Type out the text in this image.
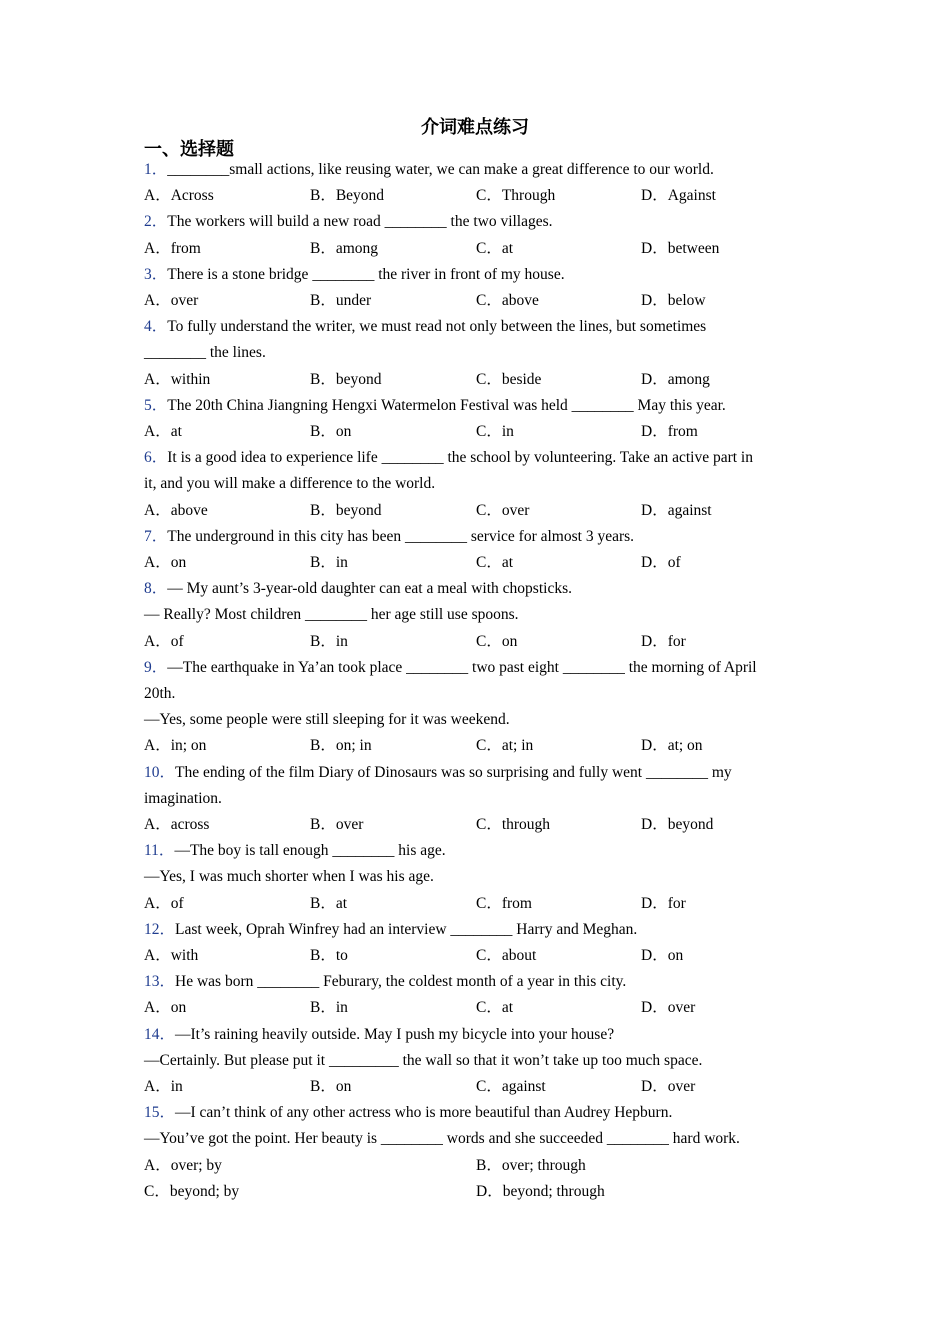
介词难点练习
一、选择题
1．________small actions, like reusing water, we can make a great difference to our world.
A．Across	B．Beyond	C．Through	D．Against
2．The workers will build a new road ________ the two villages.
A．from	B．among	C．at	D．between
3．There is a stone bridge ________ the river in front of my house.
A．over	B．under	C．above	D．below
4．To fully understand the writer, we must read not only between the lines, but sometimes
________ the lines.
A．within	B．beyond	C．beside	D．among
5．The 20th China Jiangning Hengxi Watermelon Festival was held ________ May this year.
A．at	B．on	C．in	D．from
6．It is a good idea to experience life ________ the school by volunteering. Take an active part in
it, and you will make a difference to the world.
A．above	B．beyond	C．over	D．against
7．The underground in this city has been ________ service for almost 3 years.
A．on	B．in	C．at	D．of
8．— My aunt’s 3-year-old daughter can eat a meal with chopsticks.
— Really? Most children ________ her age still use spoons.
A．of	B．in	C．on	D．for
9．—The earthquake in Ya’an took place ________ two past eight ________ the morning of April
20th.
—Yes, some people were still sleeping for it was weekend.
A．in; on	B．on; in	C．at; in	D．at; on
10．The ending of the film Diary of Dinosaurs was so surprising and fully went ________ my
imagination.
A．across	B．over	C．through	D．beyond
11．—The boy is tall enough ________ his age.
—Yes, I was much shorter when I was his age.
A．of	B．at	C．from	D．for
12．Last week, Oprah Winfrey had an interview ________ Harry and Meghan.
A．with	B．to	C．about	D．on
13．He was born ________ Feburary, the coldest month of a year in this city.
A．on	B．in	C．at	D．over
14．—It’s raining heavily outside. May I push my bicycle into your house?
—Certainly. But please put it _________ the wall so that it won’t take up too much space.
A．in	B．on	C．against	D．over
15．—I can’t think of any other actress who is more beautiful than Audrey Hepburn.
—You’ve got the point. Her beauty is ________ words and she succeeded ________ hard work.
A．over; by	B．over; through
C．beyond; by	D．beyond; through
